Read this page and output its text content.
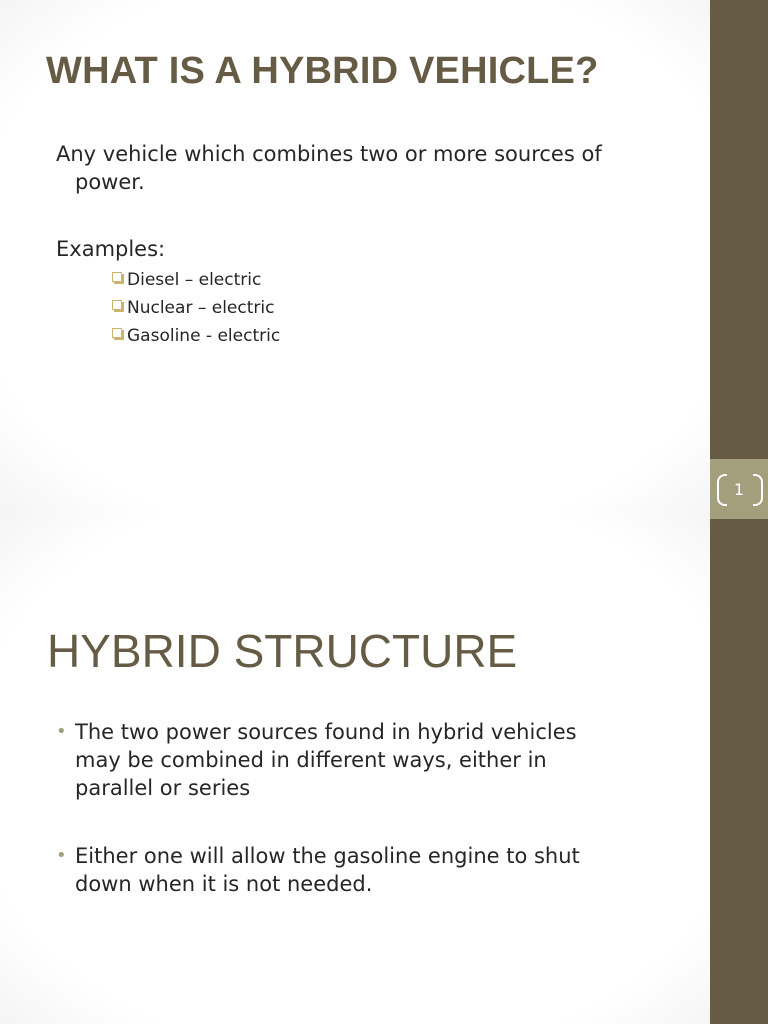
WHAT IS A HYBRID VEHICLE?

Any vehicle which combines two or more sources of
power.

Examples:

Diesel – electric
Nuclear – electric
Gasoline - electric
1
HYBRID STRUCTURE
• The two power sources found in hybrid vehicles
may be combined in different ways, either in
parallel or series
• Either one will allow the gasoline engine to shut
down when it is not needed.
